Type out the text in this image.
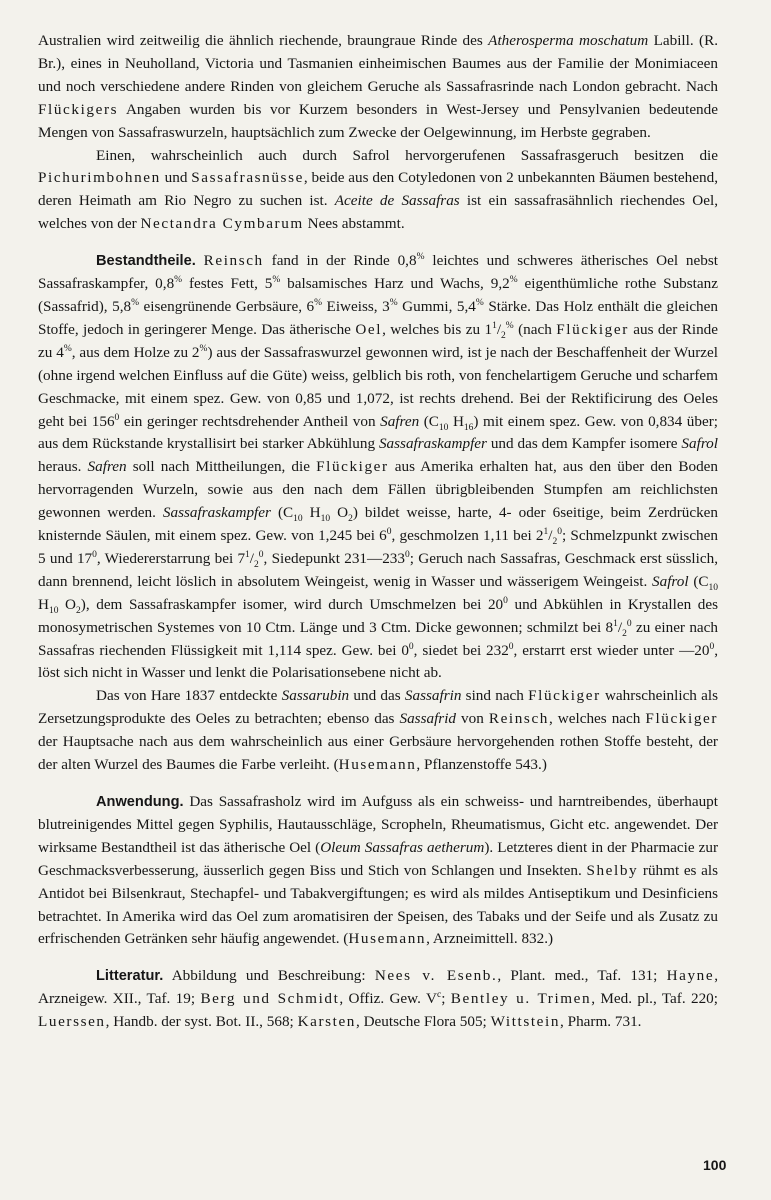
Australien wird zeitweilig die ähnlich riechende, braungraue Rinde des Atherosperma moschatum Labill. (R. Br.), eines in Neuholland, Victoria und Tasmanien einheimischen Baumes aus der Familie der Monimiaceen und noch verschiedene andere Rinden von gleichem Geruche als Sassafrasrinde nach London gebracht. Nach Flückigers Angaben wurden bis vor Kurzem besonders in West-Jersey und Pensylvanien bedeutende Mengen von Sassafraswurzeln, hauptsächlich zum Zwecke der Oelgewinnung, im Herbste gegraben.

Einen, wahrscheinlich auch durch Safrol hervorgerufenen Sassafrasgeruch besitzen die Pichurimbohnen und Sassafrasnüsse, beide aus den Cotyledonen von 2 unbekannten Bäumen bestehend, deren Heimath am Rio Negro zu suchen ist. Aceite de Sassafras ist ein sassafrasähnlich riechendes Oel, welches von der Nectandra Cymbarum Nees abstammt.

Bestandtheile. Reinsch fand in der Rinde 0,8% leichtes und schweres ätherisches Oel nebst Sassafraskampfer, 0,8% festes Fett, 5% balsamisches Harz und Wachs, 9,2% eigenthümliche rothe Substanz (Sassafrid), 5,8% eisengrünende Gerbsäure, 6% Eiweiss, 3% Gummi, 5,4% Stärke. Das Holz enthält die gleichen Stoffe, jedoch in geringerer Menge. Das ätherische Oel, welches bis zu $1^1/_2^{\%}$ (nach Flückiger aus der Rinde zu 4%, aus dem Holze zu 2%) aus der Sassafraswurzel gewonnen wird, ist je nach der Beschaffenheit der Wurzel (ohne irgend welchen Einfluss auf die Güte) weiss, gelblich bis roth, von fenchelartigem Geruche und scharfem Geschmacke, mit einem spez. Gew. von 0,85 und 1,072, ist rechts drehend. Bei der Rektificirung des Oeles geht bei $156^0$ ein geringer rechtsdrehender Antheil von Safren ($C_{10}$ $H_{16}$) mit einem spez. Gew. von 0,834 über; aus dem Rückstande krystallisirt bei starker Abkühlung Sassafraskampfer und das dem Kampfer isomere Safrol heraus. Safren soll nach Mittheilungen, die Flückiger aus Amerika erhalten hat, aus den über den Boden hervorragenden Wurzeln, sowie aus den nach dem Fällen übrigbleibenden Stumpfen am reichlichsten gewonnen werden. Sassafraskampfer ($C_{10}$ $H_{10}$ $O_2$) bildet weisse, harte, 4- oder 6seitige, beim Zerdrücken knisternde Säulen, mit einem spez. Gew. von 1,245 bei $6^0$, geschmolzen 1,11 bei $2^1/_2^0$; Schmelzpunkt zwischen 5 und $17^0$, Wiedererstarrung bei $7^1/_2^0$, Siedepunkt $231—233^0$; Geruch nach Sassafras, Geschmack erst süsslich, dann brennend, leicht löslich in absolutem Weingeist, wenig in Wasser und wässerigem Weingeist. Safrol ($C_{10}$ $H_{10}$ $O_2$), dem Sassafraskampfer isomer, wird durch Umschmelzen bei $20^0$ und Abkühlen in Krystallen des monosymetrischen Systemes von 10 Ctm. Länge und 3 Ctm. Dicke gewonnen; schmilzt bei $8^1/_2^0$ zu einer nach Sassafras riechenden Flüssigkeit mit 1,114 spez. Gew. bei $0^0$, siedet bei $232^0$, erstarrt erst wieder unter $—20^0$, löst sich nicht in Wasser und lenkt die Polarisationsebene nicht ab.

Das von Hare 1837 entdeckte Sassarubin und das Sassafrin sind nach Flückiger wahrscheinlich als Zersetzungsprodukte des Oeles zu betrachten; ebenso das Sassafrid von Reinsch, welches nach Flückiger der Hauptsache nach aus dem wahrscheinlich aus einer Gerbsäure hervorgehenden rothen Stoffe besteht, der der alten Wurzel des Baumes die Farbe verleiht. (Husemann, Pflanzenstoffe 543.)

Anwendung. Das Sassafrasholz wird im Aufguss als ein schweiss- und harntreibendes, überhaupt blutreinigendes Mittel gegen Syphilis, Hautausschläge, Scropheln, Rheumatismus, Gicht etc. angewendet. Der wirksame Bestandtheil ist das ätherische Oel (Oleum Sassafras aetherum). Letzteres dient in der Pharmacie zur Geschmacksverbesserung, äusserlich gegen Biss und Stich von Schlangen und Insekten. Shelby rühmt es als Antidot bei Bilsenkraut, Stechapfel- und Tabakvergiftungen; es wird als mildes Antiseptikum und Desinficiens betrachtet. In Amerika wird das Oel zum aromatisiren der Speisen, des Tabaks und der Seife und als Zusatz zu erfrischenden Getränken sehr häufig angewendet. (Husemann, Arzneimittell. 832.)

Litteratur. Abbildung und Beschreibung: Nees v. Esenb., Plant. med., Taf. 131; Hayne, Arzneigew. XII., Taf. 19; Berg und Schmidt, Offiz. Gew. $V^c$; Bentley u. Trimen, Med. pl., Taf. 220; Luerssen, Handb. der syst. Bot. II., 568; Karsten, Deutsche Flora 505; Wittstein, Pharm. 731.

100
